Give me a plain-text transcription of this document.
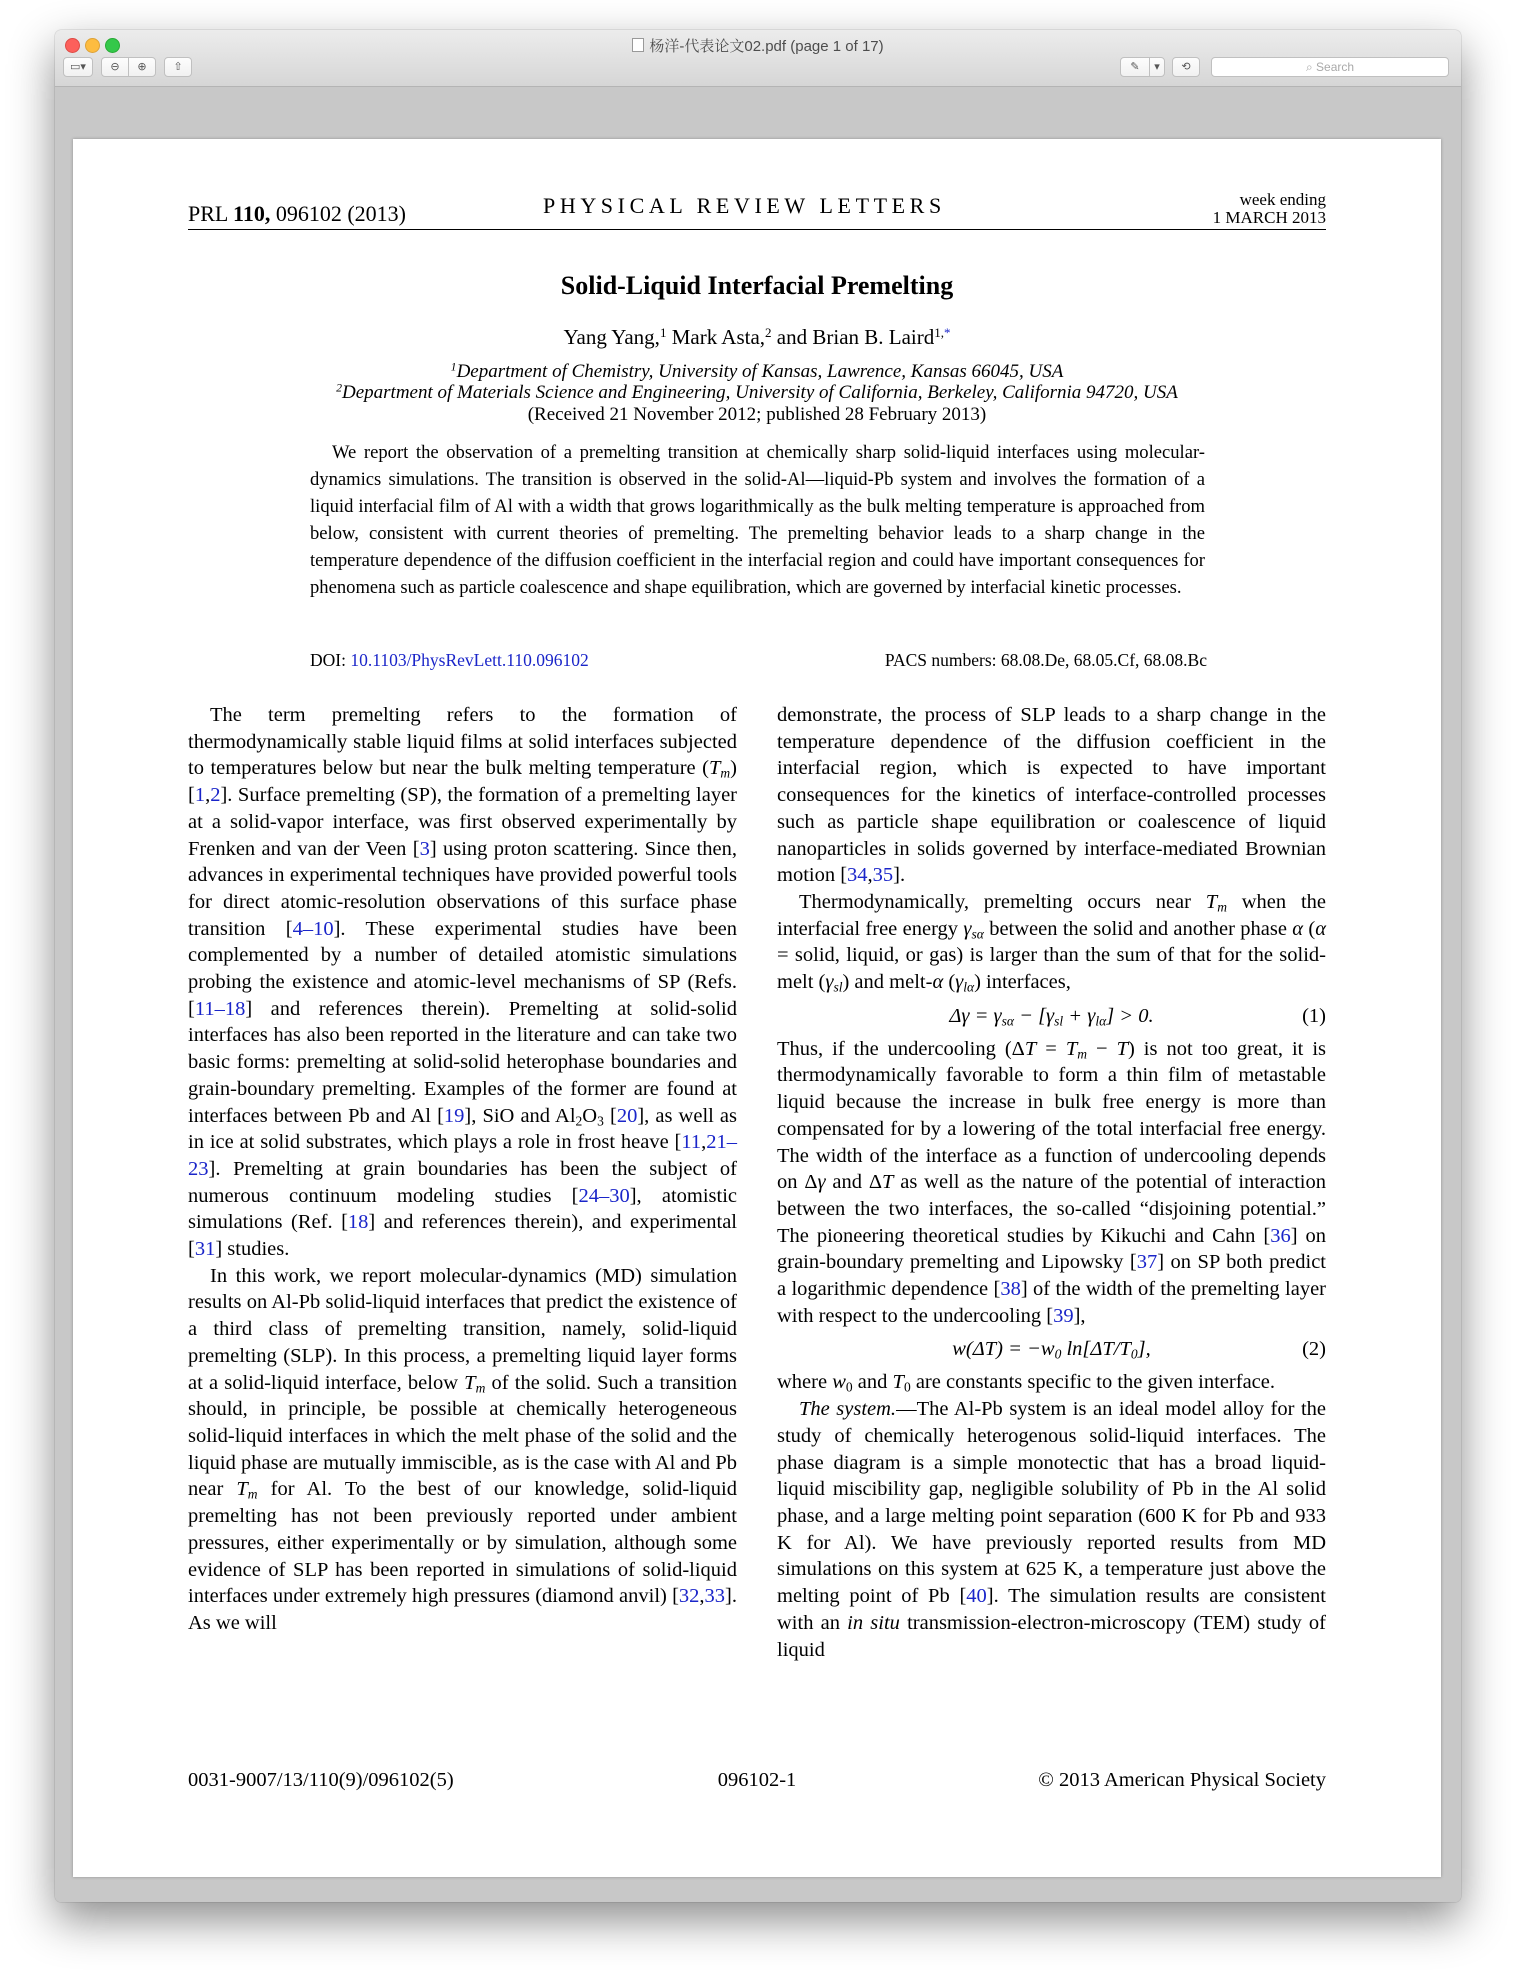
杨洋-代表论文02.pdf (page 1 of 17)
▭▾	⊖	⊕	⇧	✎	▾	⟲	⌕ Search
PRL 110, 096102 (2013)	PHYSICAL REVIEW LETTERS	week ending
1 MARCH 2013
Solid-Liquid Interfacial Premelting
Yang Yang,$^1$ Mark Asta,$^2$ and Brian B. Laird$^{1,*}$
$^1$Department of Chemistry, University of Kansas, Lawrence, Kansas 66045, USA
$^2$Department of Materials Science and Engineering, University of California, Berkeley, California 94720, USA
(Received 21 November 2012; published 28 February 2013)
We report the observation of a premelting transition at chemically sharp solid-liquid interfaces using molecular-dynamics simulations. The transition is observed in the solid-Al—liquid-Pb system and involves the formation of a liquid interfacial film of Al with a width that grows logarithmically as the bulk melting temperature is approached from below, consistent with current theories of premelting. The premelting behavior leads to a sharp change in the temperature dependence of the diffusion coefficient in the interfacial region and could have important consequences for phenomena such as particle coalescence and shape equilibration, which are governed by interfacial kinetic processes.
DOI: 10.1103/PhysRevLett.110.096102	PACS numbers: 68.08.De, 68.05.Cf, 68.08.Bc

The term premelting refers to the formation of thermodynamically stable liquid films at solid interfaces subjected to temperatures below but near the bulk melting temperature $(T_m)$ [1,2]. Surface premelting (SP), the formation of a premelting layer at a solid-vapor interface, was first observed experimentally by Frenken and van der Veen [3] using proton scattering. Since then, advances in experimental techniques have provided powerful tools for direct atomic-resolution observations of this surface phase transition [4–10]. These experimental studies have been complemented by a number of detailed atomistic simulations probing the existence and atomic-level mechanisms of SP (Refs. [11–18] and references therein). Premelting at solid-solid interfaces has also been reported in the literature and can take two basic forms: premelting at solid-solid heterophase boundaries and grain-boundary premelting. Examples of the former are found at interfaces between Pb and Al [19], SiO and $Al_2O_3$ [20], as well as in ice at solid substrates, which plays a role in frost heave [11,21–23]. Premelting at grain boundaries has been the subject of numerous continuum modeling studies [24–30], atomistic simulations (Ref. [18] and references therein), and experimental [31] studies.

In this work, we report molecular-dynamics (MD) simulation results on Al-Pb solid-liquid interfaces that predict the existence of a third class of premelting transition, namely, solid-liquid premelting (SLP). In this process, a premelting liquid layer forms at a solid-liquid interface, below $T_m$ of the solid. Such a transition should, in principle, be possible at chemically heterogeneous solid-liquid interfaces in which the melt phase of the solid and the liquid phase are mutually immiscible, as is the case with Al and Pb near $T_m$ for Al. To the best of our knowledge, solid-liquid premelting has not been previously reported under ambient pressures, either experimentally or by simulation, although some evidence of SLP has been reported in simulations of solid-liquid interfaces under extremely high pressures (diamond anvil) [32,33]. As we will

demonstrate, the process of SLP leads to a sharp change in the temperature dependence of the diffusion coefficient in the interfacial region, which is expected to have important consequences for the kinetics of interface-controlled processes such as particle shape equilibration or coalescence of liquid nanoparticles in solids governed by interface-mediated Brownian motion [34,35].

Thermodynamically, premelting occurs near $T_m$ when the interfacial free energy $\gamma_{s\alpha}$ between the solid and another phase α (α = solid, liquid, or gas) is larger than the sum of that for the solid-melt $(\gamma_{sl})$ and melt-α $(\gamma_{l\alpha})$ interfaces,

$\Delta\gamma = \gamma_{s\alpha} - [\gamma_{sl} + \gamma_{l\alpha}] > 0$.	(1)

Thus, if the undercooling $(\Delta T = T_m - T)$ is not too great, it is thermodynamically favorable to form a thin film of metastable liquid because the increase in bulk free energy is more than compensated for by a lowering of the total interfacial free energy. The width of the interface as a function of undercooling depends on Δγ and ΔT as well as the nature of the potential of interaction between the two interfaces, the so-called “disjoining potential.” The pioneering theoretical studies by Kikuchi and Cahn [36] on grain-boundary premelting and Lipowsky [37] on SP both predict a logarithmic dependence [38] of the width of the premelting layer with respect to the undercooling [39],

$w(\Delta T) = -w_0$ $\ln[\Delta T/T_0]$,	(2)

where $w_0$ and $T_0$ are constants specific to the given interface.

The system.—The Al-Pb system is an ideal model alloy for the study of chemically heterogenous solid-liquid interfaces. The phase diagram is a simple monotectic that has a broad liquid-liquid miscibility gap, negligible solubility of Pb in the Al solid phase, and a large melting point separation (600 K for Pb and 933 K for Al). We have previously reported results from MD simulations on this system at 625 K, a temperature just above the melting point of Pb [40]. The simulation results are consistent with an in situ transmission-electron-microscopy (TEM) study of liquid

0031-9007/13/110(9)/096102(5)	096102-1	© 2013 American Physical Society
